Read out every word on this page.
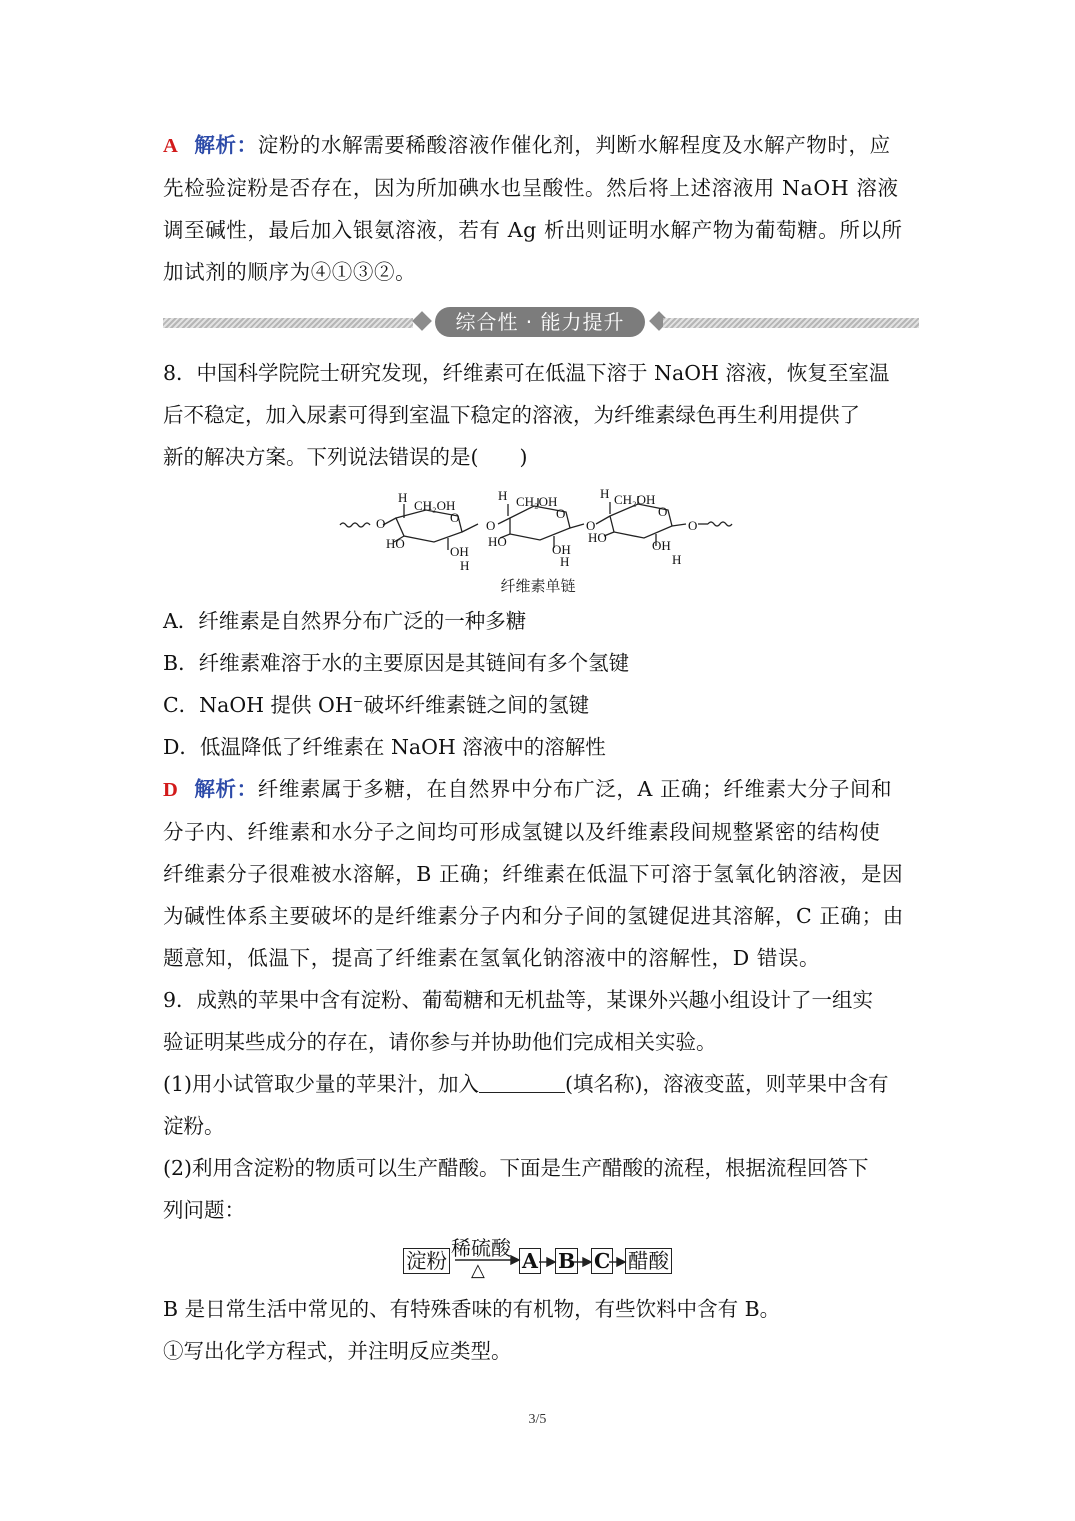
A 解析：淀粉的水解需要稀酸溶液作催化剂，判断水解程度及水解产物时，应

先检验淀粉是否存在，因为所加碘水也呈酸性。然后将上述溶液用 NaOH 溶液

调至碱性，最后加入银氨溶液，若有 Ag 析出则证明水解产物为葡萄糖。所以所

加试剂的顺序为④①③②。

综合性 · 能力提升

8．中国科学院院士研究发现，纤维素可在低温下溶于 NaOH 溶液，恢复至室温

后不稳定，加入尿素可得到室温下稳定的溶液，为纤维素绿色再生利用提供了

新的解决方案。下列说法错误的是(　　)

O
H
CH₂OH
O
HO
OH
H
O
H CH₂OH
O
HO
OH
H
O
H CH₂OH
O
HO
OH
H
O
纤维素单链

A．纤维素是自然界分布广泛的一种多糖

B．纤维素难溶于水的主要原因是其链间有多个氢键

C．NaOH 提供 OH⁻破坏纤维素链之间的氢键

D．低温降低了纤维素在 NaOH 溶液中的溶解性

D 解析：纤维素属于多糖，在自然界中分布广泛，A 正确；纤维素大分子间和

分子内、纤维素和水分子之间均可形成氢键以及纤维素段间规整紧密的结构使

纤维素分子很难被水溶解，B 正确；纤维素在低温下可溶于氢氧化钠溶液，是因

为碱性体系主要破坏的是纤维素分子内和分子间的氢键促进其溶解，C 正确；由

题意知，低温下，提高了纤维素在氢氧化钠溶液中的溶解性，D 错误。

9．成熟的苹果中含有淀粉、葡萄糖和无机盐等，某课外兴趣小组设计了一组实

验证明某些成分的存在，请你参与并协助他们完成相关实验。

(1)用小试管取少量的苹果汁，加入	(填名称)，溶液变蓝，则苹果中含有

淀粉。

(2)利用含淀粉的物质可以生产醋酸。下面是生产醋酸的流程，根据流程回答下

列问题：

淀粉
稀硫酸
△ A B C 醋酸

B 是日常生活中常见的、有特殊香味的有机物，有些饮料中含有 B。

①写出化学方程式，并注明反应类型。

3/5
